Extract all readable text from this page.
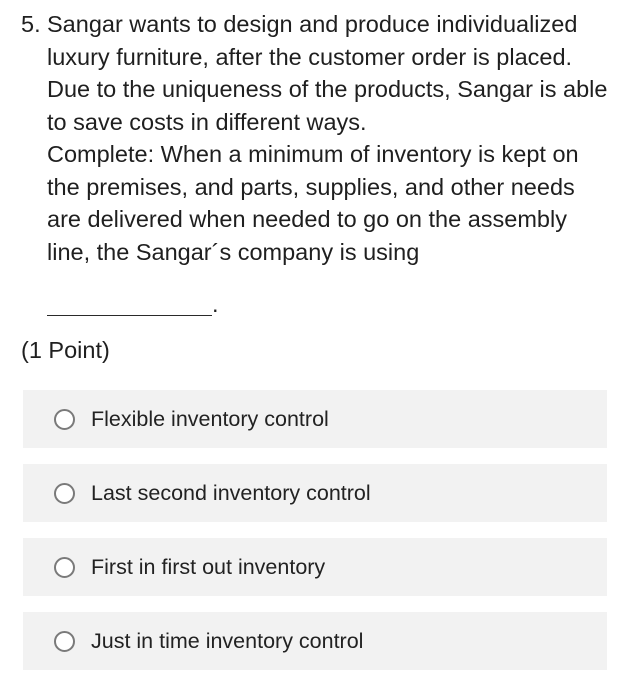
5. Sangar wants to design and produce individualized luxury furniture, after the customer order is placed. Due to the uniqueness of the products, Sangar is able to save costs in different ways.

Complete: When a minimum of inventory is kept on the premises, and parts, supplies, and other needs are delivered when needed to go on the assembly line, the Sangar´s company is using

.
(1 Point)
Flexible inventory control
Last second inventory control
First in first out inventory
Just in time inventory control
